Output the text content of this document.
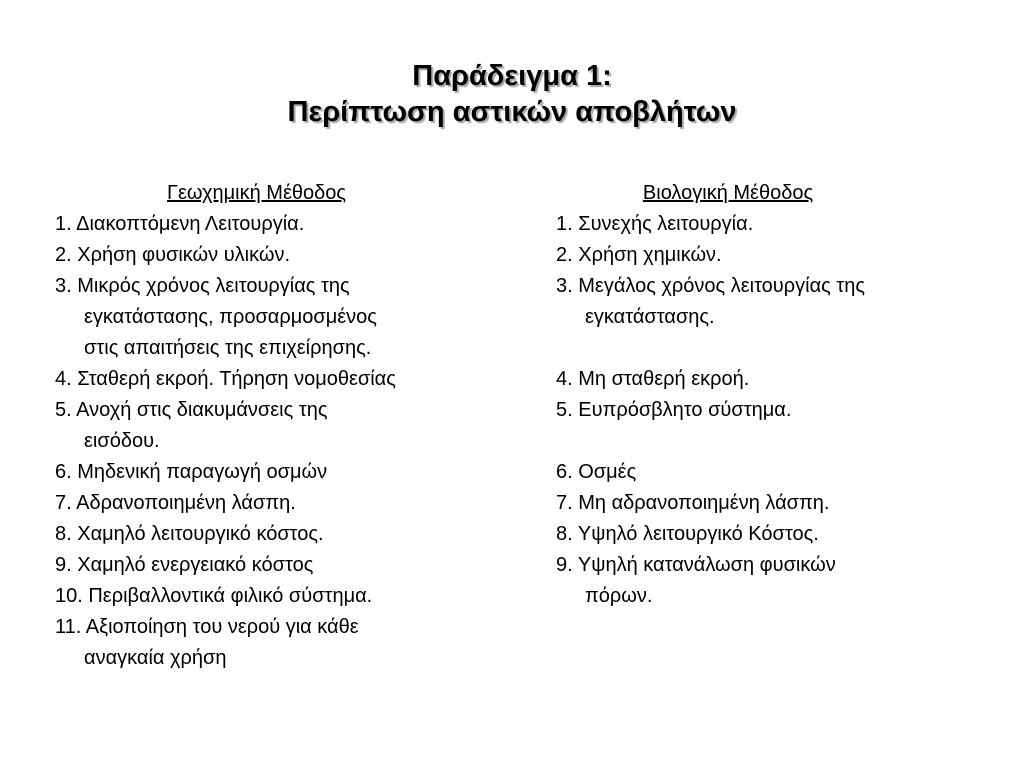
Παράδειγμα 1:
Περίπτωση αστικών αποβλήτων
Γεωχημική Μέθοδος
1. Διακοπτόμενη Λειτουργία.
2. Χρήση φυσικών υλικών.
3. Μικρός χρόνος λειτουργίας της
εγκατάστασης, προσαρμοσμένος
στις απαιτήσεις της επιχείρησης.
4. Σταθερή εκροή. Τήρηση νομοθεσίας
5. Ανοχή στις διακυμάνσεις της
εισόδου.
6. Μηδενική παραγωγή οσμών
7. Αδρανοποιημένη λάσπη.
8. Χαμηλό λειτουργικό κόστος.
9. Χαμηλό ενεργειακό κόστος
10. Περιβαλλοντικά φιλικό σύστημα.
11. Αξιοποίηση του νερού για κάθε
αναγκαία χρήση
Βιολογική Μέθοδος
1. Συνεχής λειτουργία.
2. Χρήση χημικών.
3. Μεγάλος χρόνος λειτουργίας της
εγκατάστασης.
4. Μη σταθερή εκροή.
5. Ευπρόσβλητο σύστημα.
6. Οσμές
7. Μη αδρανοποιημένη λάσπη.
8. Υψηλό λειτουργικό Κόστος.
9. Υψηλή κατανάλωση φυσικών
πόρων.
